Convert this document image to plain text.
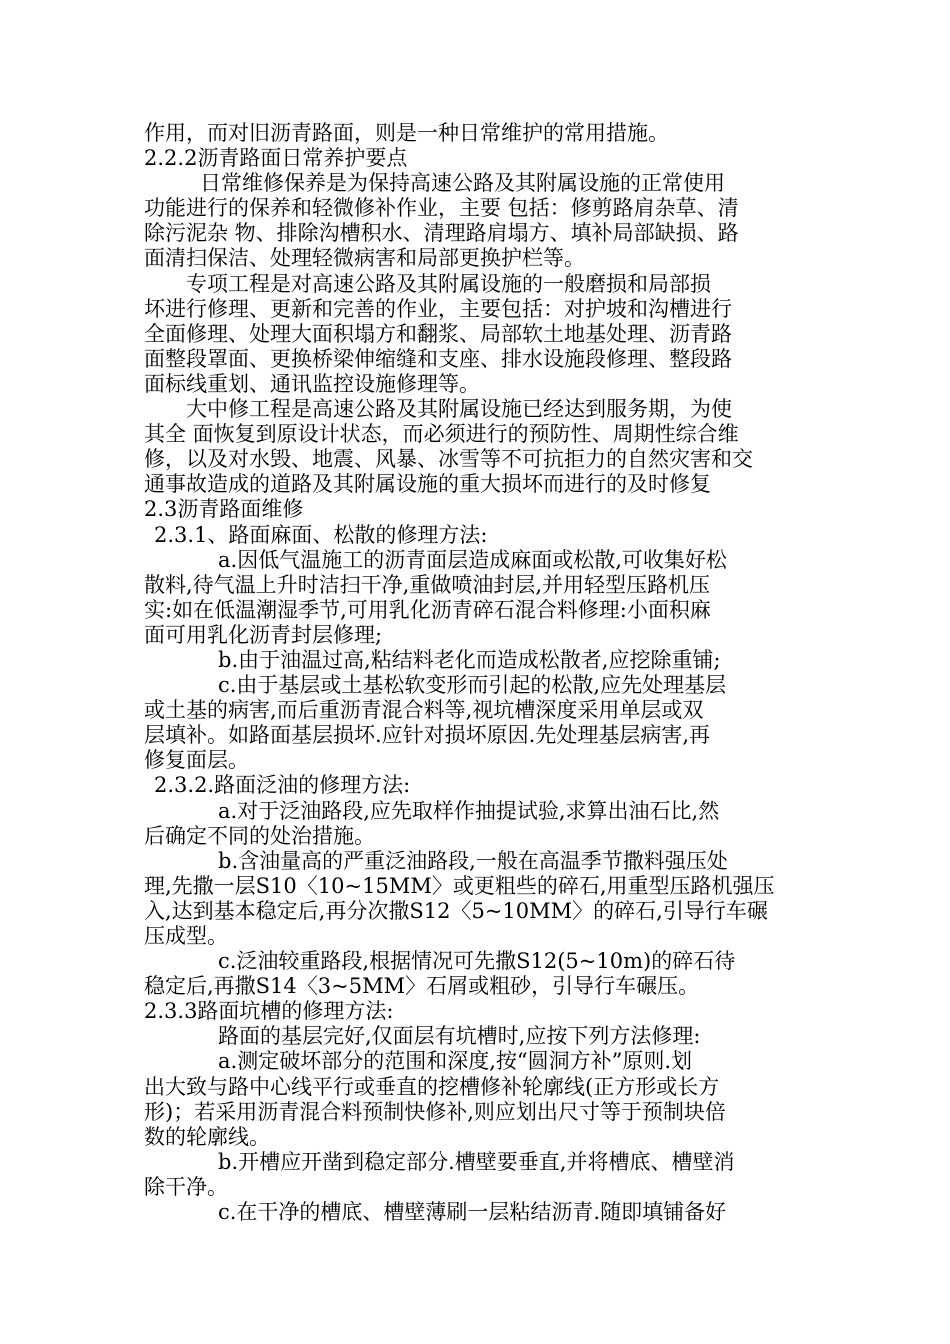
作用，而对旧沥青路面，则是一种日常维护的常用措施。
2.2.2沥青路面日常养护要点
日常维修保养是为保持高速公路及其附属设施的正常使用
功能进行的保养和轻微修补作业，主要 包括：修剪路肩杂草、清
除污泥杂 物、排除沟槽积水、清理路肩塌方、填补局部缺损、路
面清扫保洁、处理轻微病害和局部更换护栏等。
专项工程是对高速公路及其附属设施的一般磨损和局部损
坏进行修理、更新和完善的作业，主要包括：对护坡和沟槽进行
全面修理、处理大面积塌方和翻浆、局部软土地基处理、沥青路
面整段罩面、更换桥梁伸缩缝和支座、排水设施段修理、整段路
面标线重划、通讯监控设施修理等。
大中修工程是高速公路及其附属设施已经达到服务期，为使
其全 面恢复到原设计状态，而必须进行的预防性、周期性综合维
修，以及对水毁、地震、风暴、冰雪等不可抗拒力的自然灾害和交
通事故造成的道路及其附属设施的重大损坏而进行的及时修复
2.3沥青路面维修
2.3.1、路面麻面、松散的修理方法:
a.因低气温施工的沥青面层造成麻面或松散,可收集好松
散料,待气温上升时洁扫干净,重做喷油封层,并用轻型压路机压
实:如在低温潮湿季节,可用乳化沥青碎石混合料修理:小面积麻
面可用乳化沥青封层修理;
b.由于油温过高,粘结料老化而造成松散者,应挖除重铺;
c.由于基层或土基松软变形而引起的松散,应先处理基层
或土基的病害,而后重沥青混合料等,视坑槽深度采用单层或双
层填补。如路面基层损坏.应针对损坏原因.先处理基层病害,再
修复面层。
2.3.2.路面泛油的修理方法:
a.对于泛油路段,应先取样作抽提试验,求算出油石比,然
后确定不同的处治措施。
b.含油量高的严重泛油路段,一般在高温季节撒料强压处
理,先撒一层S10〈10~15MM〉或更粗些的碎石,用重型压路机强压
入,达到基本稳定后,再分次撒S12〈5~10MM〉的碎石,引导行车碾
压成型。
c.泛油较重路段,根据情况可先撒S12(5~10m)的碎石待
稳定后,再撒S14〈3~5MM〉石屑或粗砂，引导行车碾压。
2.3.3路面坑槽的修理方法:
路面的基层完好,仅面层有坑槽时,应按下列方法修理:
a.测定破坏部分的范围和深度,按“圆洞方补”原则.划
出大致与路中心线平行或垂直的挖槽修补轮廓线(正方形或长方
形)；若采用沥青混合料预制快修补,则应划出尺寸等于预制块倍
数的轮廓线。
b.开槽应开凿到稳定部分.槽壁要垂直,并将槽底、槽壁消
除干净。
c.在干净的槽底、槽壁薄刷一层粘结沥青.随即填铺备好
